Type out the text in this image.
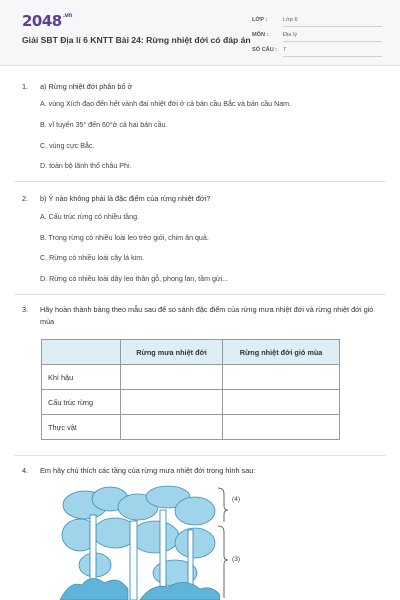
$2048^{.vn}$
Giải SBT Địa lí 6 KNTT Bài 24: Rừng nhiệt đới có đáp án
LỚP :	Lớp 6
MÔN :	Địa lý
SỐ CÂU : 7
1. a) Rừng nhiệt đới phân bố ở
A. vùng Xích đạo đến hết vành đai nhiệt đới ở cả bán cầu Bắc và bán cầu Nam.
B. vĩ tuyến 35° đến 60°ở cả hai bán cầu.
C. vùng cực Bắc.
D. toàn bộ lãnh thổ châu Phi.
2. b) Ý nào không phải là đặc điểm của rừng nhiệt đới?
A. Cấu trúc rừng có nhiều tầng.
B. Trong rừng có nhiều loài leo trèo giỏi, chim ăn quả.
C. Rừng có nhiều loài cây lá kim.
D. Rừng có nhiều loài dây leo thân gỗ, phong lan, tầm gửi...
3. Hãy hoàn thành bảng theo mẫu sau để so sánh đặc điểm của rừng mưa nhiệt đới và rừng nhiệt đới gió mùa
	Rừng mưa nhiệt đới	Rừng nhiệt đới gió mùa
Khí hậu		
Cấu trúc rừng		
Thực vật		
4. Em hãy chú thích các tầng của rừng mưa nhiệt đới trong hình sau:
(4)
(3)
